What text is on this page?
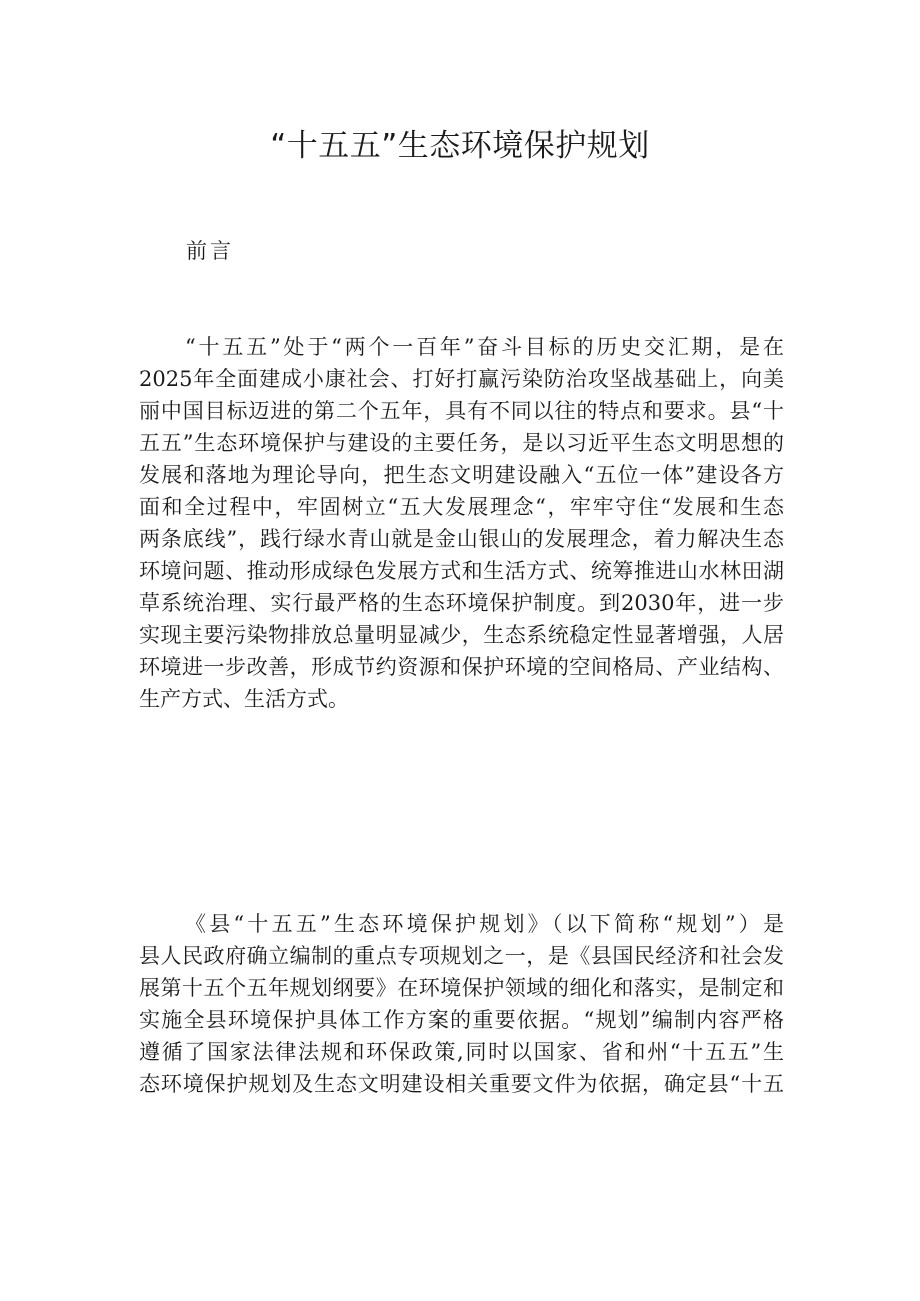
“十五五”生态环境保护规划
前言
“十五五”处于“两个一百年”奋斗目标的历史交汇期，是在
2025年全面建成小康社会、打好打赢污染防治攻坚战基础上，向美
丽中国目标迈进的第二个五年，具有不同以往的特点和要求。县“十
五五”生态环境保护与建设的主要任务，是以习近平生态文明思想的
发展和落地为理论导向，把生态文明建设融入“五位一体”建设各方
面和全过程中，牢固树立“五大发展理念“，牢牢守住“发展和生态
两条底线”，践行绿水青山就是金山银山的发展理念，着力解决生态
环境问题、推动形成绿色发展方式和生活方式、统筹推进山水林田湖
草系统治理、实行最严格的生态环境保护制度。到2030年，进一步
实现主要污染物排放总量明显减少，生态系统稳定性显著增强，人居
环境进一步改善，形成节约资源和保护环境的空间格局、产业结构、
生产方式、生活方式。
《县“十五五”生态环境保护规划》（以下简称“规划”）是
县人民政府确立编制的重点专项规划之一，是《县国民经济和社会发
展第十五个五年规划纲要》在环境保护领域的细化和落实，是制定和
实施全县环境保护具体工作方案的重要依据。“规划”编制内容严格
遵循了国家法律法规和环保政策,同时以国家、省和州“十五五”生
态环境保护规划及生态文明建设相关重要文件为依据，确定县“十五
